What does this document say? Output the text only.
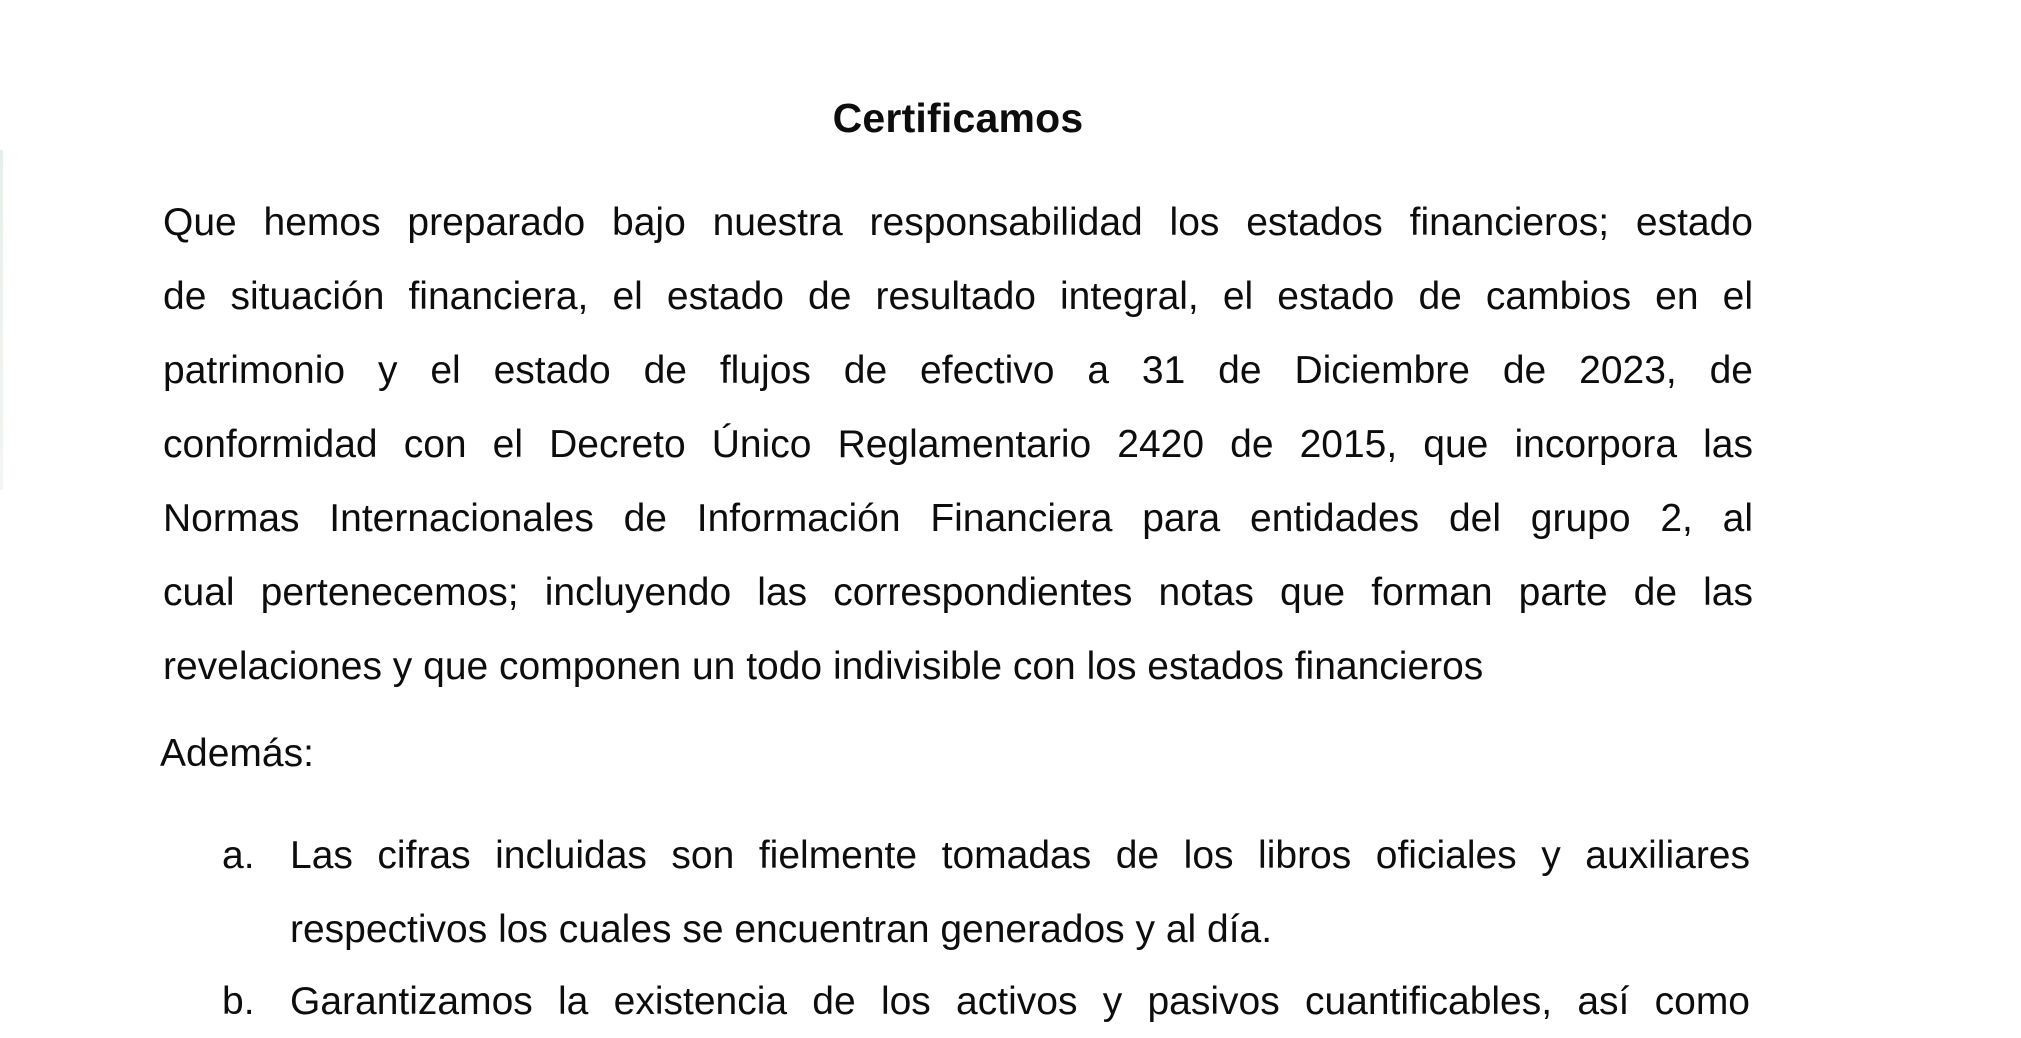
Certificamos
Que hemos preparado bajo nuestra responsabilidad los estados financieros; estado
de situación financiera, el estado de resultado integral, el estado de cambios en el
patrimonio y el estado de flujos de efectivo a 31 de Diciembre de 2023, de
conformidad con el Decreto Único Reglamentario 2420 de 2015, que incorpora las
Normas Internacionales de Información Financiera para entidades del grupo 2, al
cual pertenecemos; incluyendo las correspondientes notas que forman parte de las
revelaciones y que componen un todo indivisible con los estados financieros
Además:
a. Las cifras incluidas son fielmente tomadas de los libros oficiales y auxiliares
respectivos los cuales se encuentran generados y al día.
b. Garantizamos la existencia de los activos y pasivos cuantificables, así como
